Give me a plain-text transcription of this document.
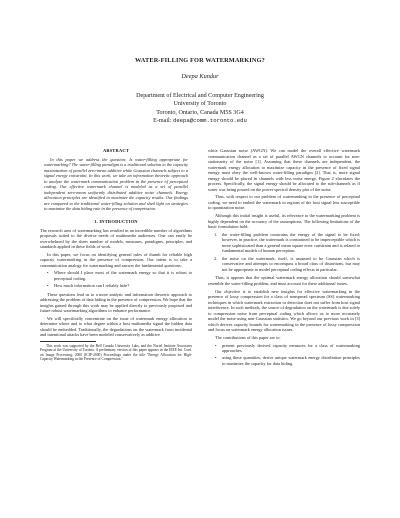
WATER-FILLING FOR WATERMARKING?
Deepa Kundur
Department of Electrical and Computer Engineering
University of Toronto
Toronto, Ontario, Canada M5S 3G4
E-mail: deepa@comm.toronto.edu
ABSTRACT
In this paper we address the question: Is water-filling appropriate for watermarking? The water-filling paradigm is a traditional solution to the capacity maximization of parallel zero-mean additive white Gaussian channels subject to a signal energy constraint. In this work, we take an information theoretic approach to analyze the watermark communication problem in the presence of perceptual coding. Our effective watermark channel is modeled as a set of parallel independent zero-mean uniformly distributed additive noise channels. Energy allocation principles are identified to maximize the capacity results. Our findings are compared to the traditional water-filling solution and shed light on strategies to maximize the data hiding rate in the presence of compression.
1. INTRODUCTION
The research area of watermarking has resulted in an incredible number of algorithms proposals suited to the diverse needs of multimedia audiences. One can easily be overwhelmed by the sheer number of models, measures, paradigms, principles, and standards applied in these fields of work.
In this paper, we focus on identifying general rules of thumb for reliable high capacity watermarking in the presence of compression. Our intent is to take a communication analogy for watermarking and answer the fundamental questions:
• Where should I place most of the watermark energy so that it is robust to perceptual coding.
• How much information can I reliably hide?
These questions lead us to a more analytic and information theoretic approach to addressing the problem of data hiding in the presence of compression. We hope that the insights gained through this work may be applied directly to previously proposed and future robust watermarking algorithms to enhance performance.
We will specifically concentrate on the issue of watermark energy allocation to determine where and to what degree within a host multimedia signal the hidden data should be embedded. Traditionally, the degradations on the watermark from incidental and intentional attacks have been modeled conservatively as additive
This work was supported by the Bell Canada University Labs, and the Nortel Institute Associates Program at the University of Toronto. A preliminary version of this paper appears in the IEEE Int. Conf. on Image Processing, 2000 (ICIP-2000) Proceedings under the title "Energy Allocation for High-Capacity Watermarking in the Presence of Compression."
white Gaussian noise (AWGN). We can model the overall effective watermark communication channel as a set of parallel AWGN channels to account for non-stationarity of the noise [1]. Assuming that these channels are independent, the watermark energy allocation to maximize capacity in the presence of fixed signal energy must obey the well-known water-filling paradigm [2]. That is, more signal energy should be placed in channels with less noise energy. Figure 2 elucidates the process. Specifically, the signal energy should be allocated to the sub-channels as if water was being poured on the power spectral density plot of the noise.
Thus, with respect to our problem of watermarking in the presence of perceptual coding, we need to embed the watermark in regions of the host signal less susceptible to quantization noise.
Although this initial insight is useful, its relevance to the watermarking problem is highly dependent on the accuracy of the assumptions. The following limitations of the basic formulation hold:
1. the water-filling problem constrains the energy of the signal to be fixed; however, in practice, the watermark is constrained to be imperceptible which is more sophisticated than a general mean square error constraint and is related to fundamental models of human perception.
2. the noise on the watermark, itself, is assumed to be Gaussian which is conservative and attempts to encompass a broad class of distortions, but may not be appropriate to model perceptual coding effects in particular.
Thus, it appears that the optimal watermark energy allocation should somewhat resemble the water-filling problem, and must account for these additional issues.
Our objective is to establish new insights for effective watermarking in the presence of lossy compression for a class of nonspread spectrum (SS) watermarking techniques in which watermark extraction or detection does not suffer from host signal interference. In such methods, the source of degradation on the watermark is due solely to compression noise from perceptual coding which allows us to more accurately model the noise using non-Gaussian statistics. We go beyond our previous work in [3] which derives capacity bounds for watermarking in the presence of lossy compression and focus on watermark energy allocation issues.
The contributions of this paper are to:
• present previously derived capacity measures for a class of watermarking approaches.
• using these quantities, derive unique watermark energy distribution principles to maximize the capacity for data hiding.
